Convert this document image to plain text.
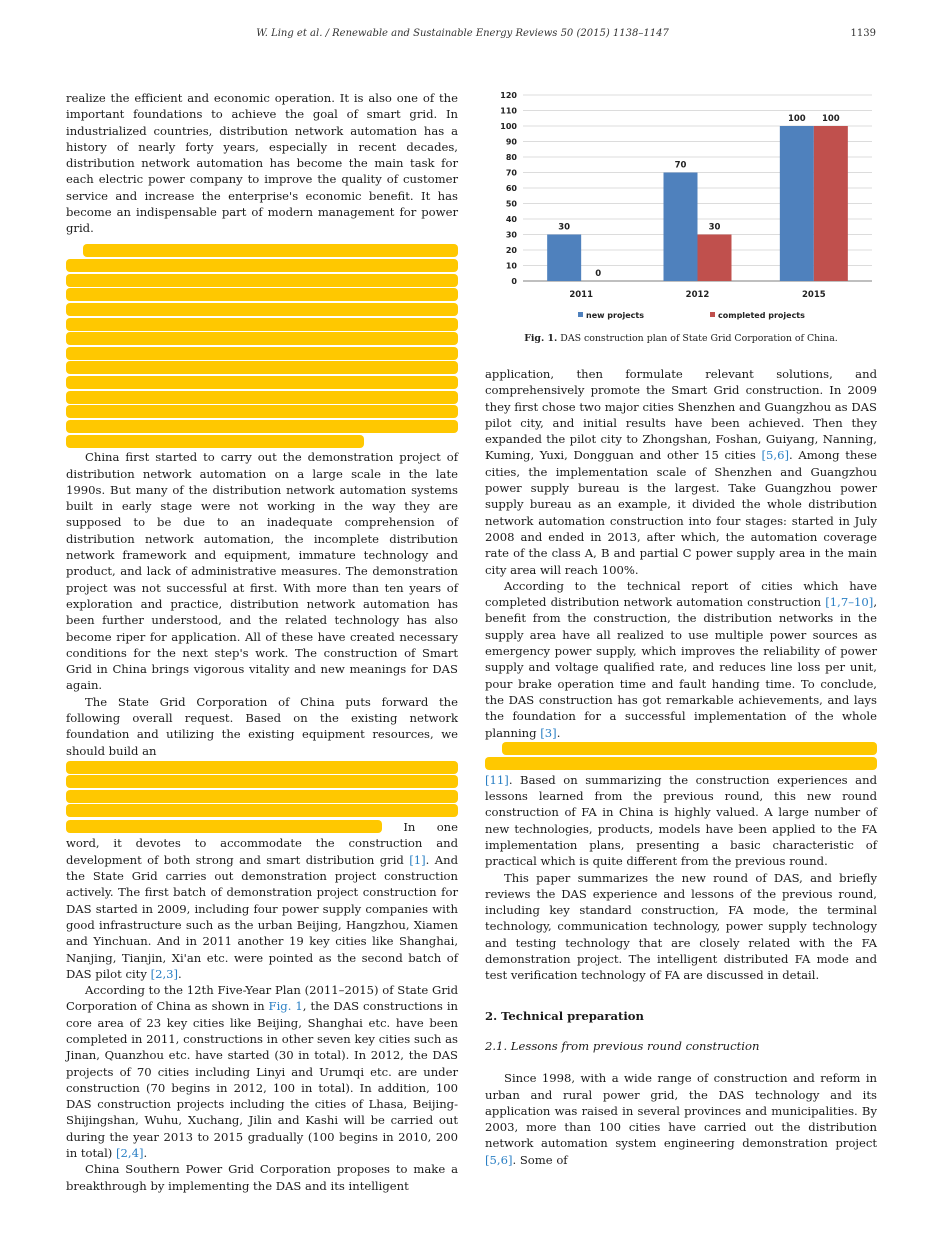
W. Ling et al. / Renewable and Sustainable Energy Reviews 50 (2015) 1138–1147	1139

realize the efficient and economic operation. It is also one of the important foundations to achieve the goal of smart grid. In industrialized countries, distribution network automation has a history of nearly forty years, especially in recent decades, distribution network automation has become the main task for each electric power company to improve the quality of customer service and increase the enterprise's economic benefit. It has become an indispensable part of modern management for power grid.

China first started to carry out the demonstration project of distribution network automation on a large scale in the late 1990s. But many of the distribution network automation systems built in early stage were not working in the way they are supposed to be due to an inadequate comprehension of distribution network automation, the incomplete distribution network framework and equipment, immature technology and product, and lack of administrative measures. The demonstration project was not successful at first. With more than ten years of exploration and practice, distribution network automation has been further understood, and the related technology has also become riper for application. All of these have created necessary conditions for the next step's work. The construction of Smart Grid in China brings vigorous vitality and new meanings for DAS again.

The State Grid Corporation of China puts forward the following overall request. Based on the existing network foundation and utilizing the existing equipment resources, we should build an

In one word, it devotes to accommodate the construction and development of both strong and smart distribution grid [1]. And the State Grid carries out demonstration project construction actively. The first batch of demonstration project construction for DAS started in 2009, including four power supply companies with good infrastructure such as the urban Beijing, Hangzhou, Xiamen and Yinchuan. And in 2011 another 19 key cities like Shanghai, Nanjing, Tianjin, Xi'an etc. were pointed as the second batch of DAS pilot city [2,3].

According to the 12th Five-Year Plan (2011–2015) of State Grid Corporation of China as shown in Fig. 1, the DAS constructions in core area of 23 key cities like Beijing, Shanghai etc. have been completed in 2011, constructions in other seven key cities such as Jinan, Quanzhou etc. have started (30 in total). In 2012, the DAS projects of 70 cities including Linyi and Urumqi etc. are under construction (70 begins in 2012, 100 in total). In addition, 100 DAS construction projects including the cities of Lhasa, Beijing-Shijingshan, Wuhu, Xuchang, Jilin and Kashi will be carried out during the year 2013 to 2015 gradually (100 begins in 2010, 200 in total) [2,4].

China Southern Power Grid Corporation proposes to make a breakthrough by implementing the DAS and its intelligent

0
10
20
30
40
50
60
70
80
90
100
110
120
30
0
2011
70
30
2012
100 100
2015
new projects	completed projects
Fig. 1. DAS construction plan of State Grid Corporation of China.

application, then formulate relevant solutions, and comprehensively promote the Smart Grid construction. In 2009 they first chose two major cities Shenzhen and Guangzhou as DAS pilot city, and initial results have been achieved. Then they expanded the pilot city to Zhongshan, Foshan, Guiyang, Nanning, Kuming, Yuxi, Dongguan and other 15 cities [5,6]. Among these cities, the implementation scale of Shenzhen and Guangzhou power supply bureau is the largest. Take Guangzhou power supply bureau as an example, it divided the whole distribution network automation construction into four stages: started in July 2008 and ended in 2013, after which, the automation coverage rate of the class A, B and partial C power supply area in the main city area will reach 100%.

According to the technical report of cities which have completed distribution network automation construction [1,7–10], benefit from the construction, the distribution networks in the supply area have all realized to use multiple power sources as emergency power supply, which improves the reliability of power supply and voltage qualified rate, and reduces line loss per unit, pour brake operation time and fault handing time. To conclude, the DAS construction has got remarkable achievements, and lays the foundation for a successful implementation of the whole planning [3].

[11]. Based on summarizing the construction experiences and lessons learned from the previous round, this new round construction of FA in China is highly valued. A large number of new technologies, products, models have been applied to the FA implementation plans, presenting a basic characteristic of practical which is quite different from the previous round.

This paper summarizes the new round of DAS, and briefly reviews the DAS experience and lessons of the previous round, including key standard construction, FA mode, the terminal technology, communication technology, power supply technology and testing technology that are closely related with the FA demonstration project. The intelligent distributed FA mode and test verification technology of FA are discussed in detail.

2. Technical preparation

2.1. Lessons from previous round construction

Since 1998, with a wide range of construction and reform in urban and rural power grid, the DAS technology and its application was raised in several provinces and municipalities. By 2003, more than 100 cities have carried out the distribution network automation system engineering demonstration project [5,6]. Some of
